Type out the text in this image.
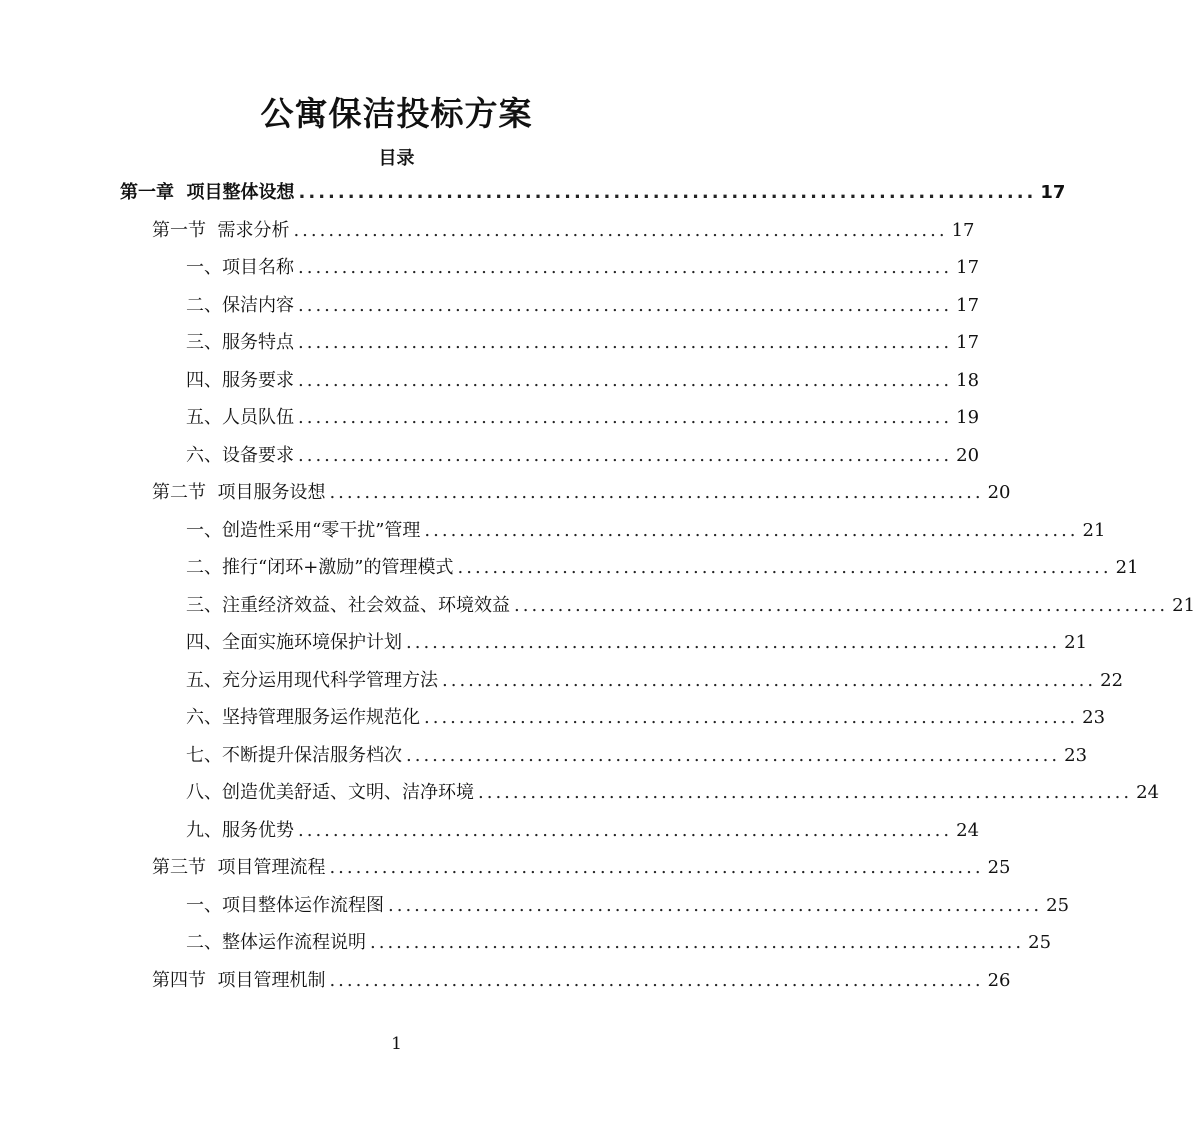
公寓保洁投标方案
目录
第一章  项目整体设想 ........................................................................... 17
第一节  需求分析 ........................................................................... 17
一、项目名称 ........................................................................... 17
二、保洁内容 ........................................................................... 17
三、服务特点 ........................................................................... 17
四、服务要求 ........................................................................... 18
五、人员队伍 ........................................................................... 19
六、设备要求 ........................................................................... 20
第二节  项目服务设想 ........................................................................... 20
一、创造性采用“零干扰”管理 ........................................................................... 21
二、推行“闭环+激励”的管理模式 ........................................................................... 21
三、注重经济效益、社会效益、环境效益 ........................................................................... 21
四、全面实施环境保护计划 ........................................................................... 21
五、充分运用现代科学管理方法 ........................................................................... 22
六、坚持管理服务运作规范化 ........................................................................... 23
七、不断提升保洁服务档次 ........................................................................... 23
八、创造优美舒适、文明、洁净环境 ........................................................................... 24
九、服务优势 ........................................................................... 24
第三节  项目管理流程 ........................................................................... 25
一、项目整体运作流程图 ........................................................................... 25
二、整体运作流程说明 ........................................................................... 25
第四节  项目管理机制 ........................................................................... 26
1
